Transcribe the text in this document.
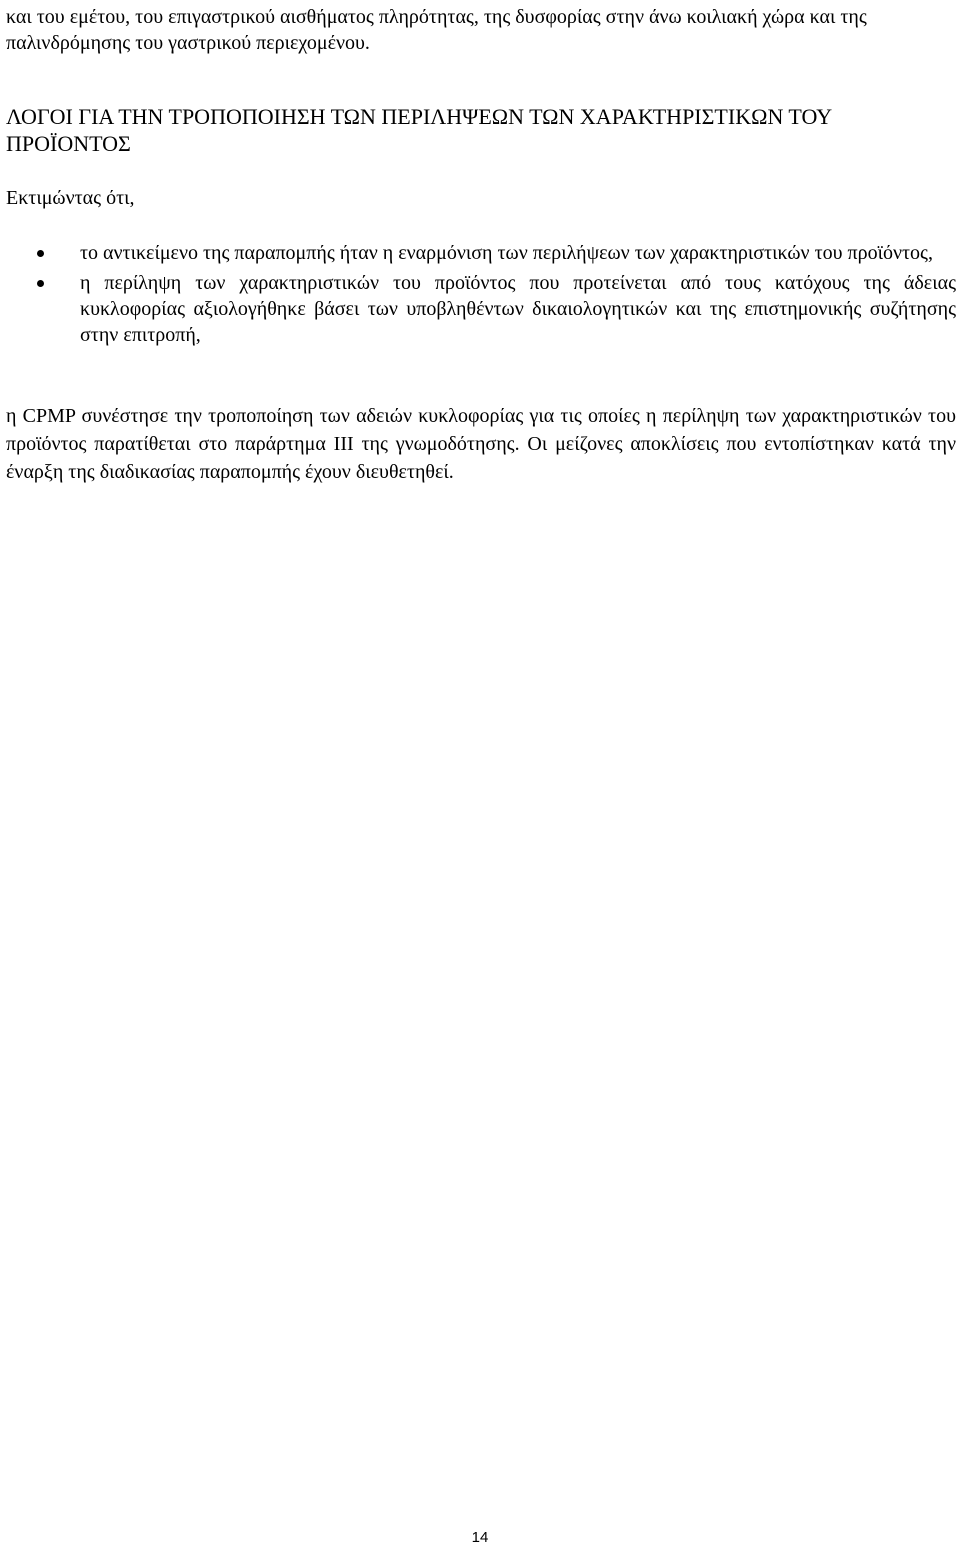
και του εμέτου, του επιγαστρικού αισθήματος πληρότητας, της δυσφορίας στην άνω κοιλιακή χώρα και της παλινδρόμησης του γαστρικού περιεχομένου.
ΛΟΓΟΙ ΓΙΑ ΤΗΝ ΤΡΟΠΟΠΟΙΗΣΗ ΤΩΝ ΠΕΡΙΛΗΨΕΩΝ ΤΩΝ ΧΑΡΑΚΤΗΡΙΣΤΙΚΩΝ ΤΟΥ ΠΡΟΪΟΝΤΟΣ
Εκτιμώντας ότι,
το αντικείμενο της παραπομπής ήταν η εναρμόνιση των περιλήψεων των χαρακτηριστικών του προϊόντος,
η περίληψη των χαρακτηριστικών του προϊόντος που προτείνεται από τους κατόχους της άδειας κυκλοφορίας αξιολογήθηκε βάσει των υποβληθέντων δικαιολογητικών και της επιστημονικής συζήτησης στην επιτροπή,
η CPMP συνέστησε την τροποποίηση των αδειών κυκλοφορίας για τις οποίες η περίληψη των χαρακτηριστικών του προϊόντος παρατίθεται στο παράρτημα III της γνωμοδότησης. Οι μείζονες αποκλίσεις που εντοπίστηκαν κατά την έναρξη της διαδικασίας παραπομπής έχουν διευθετηθεί.
14
